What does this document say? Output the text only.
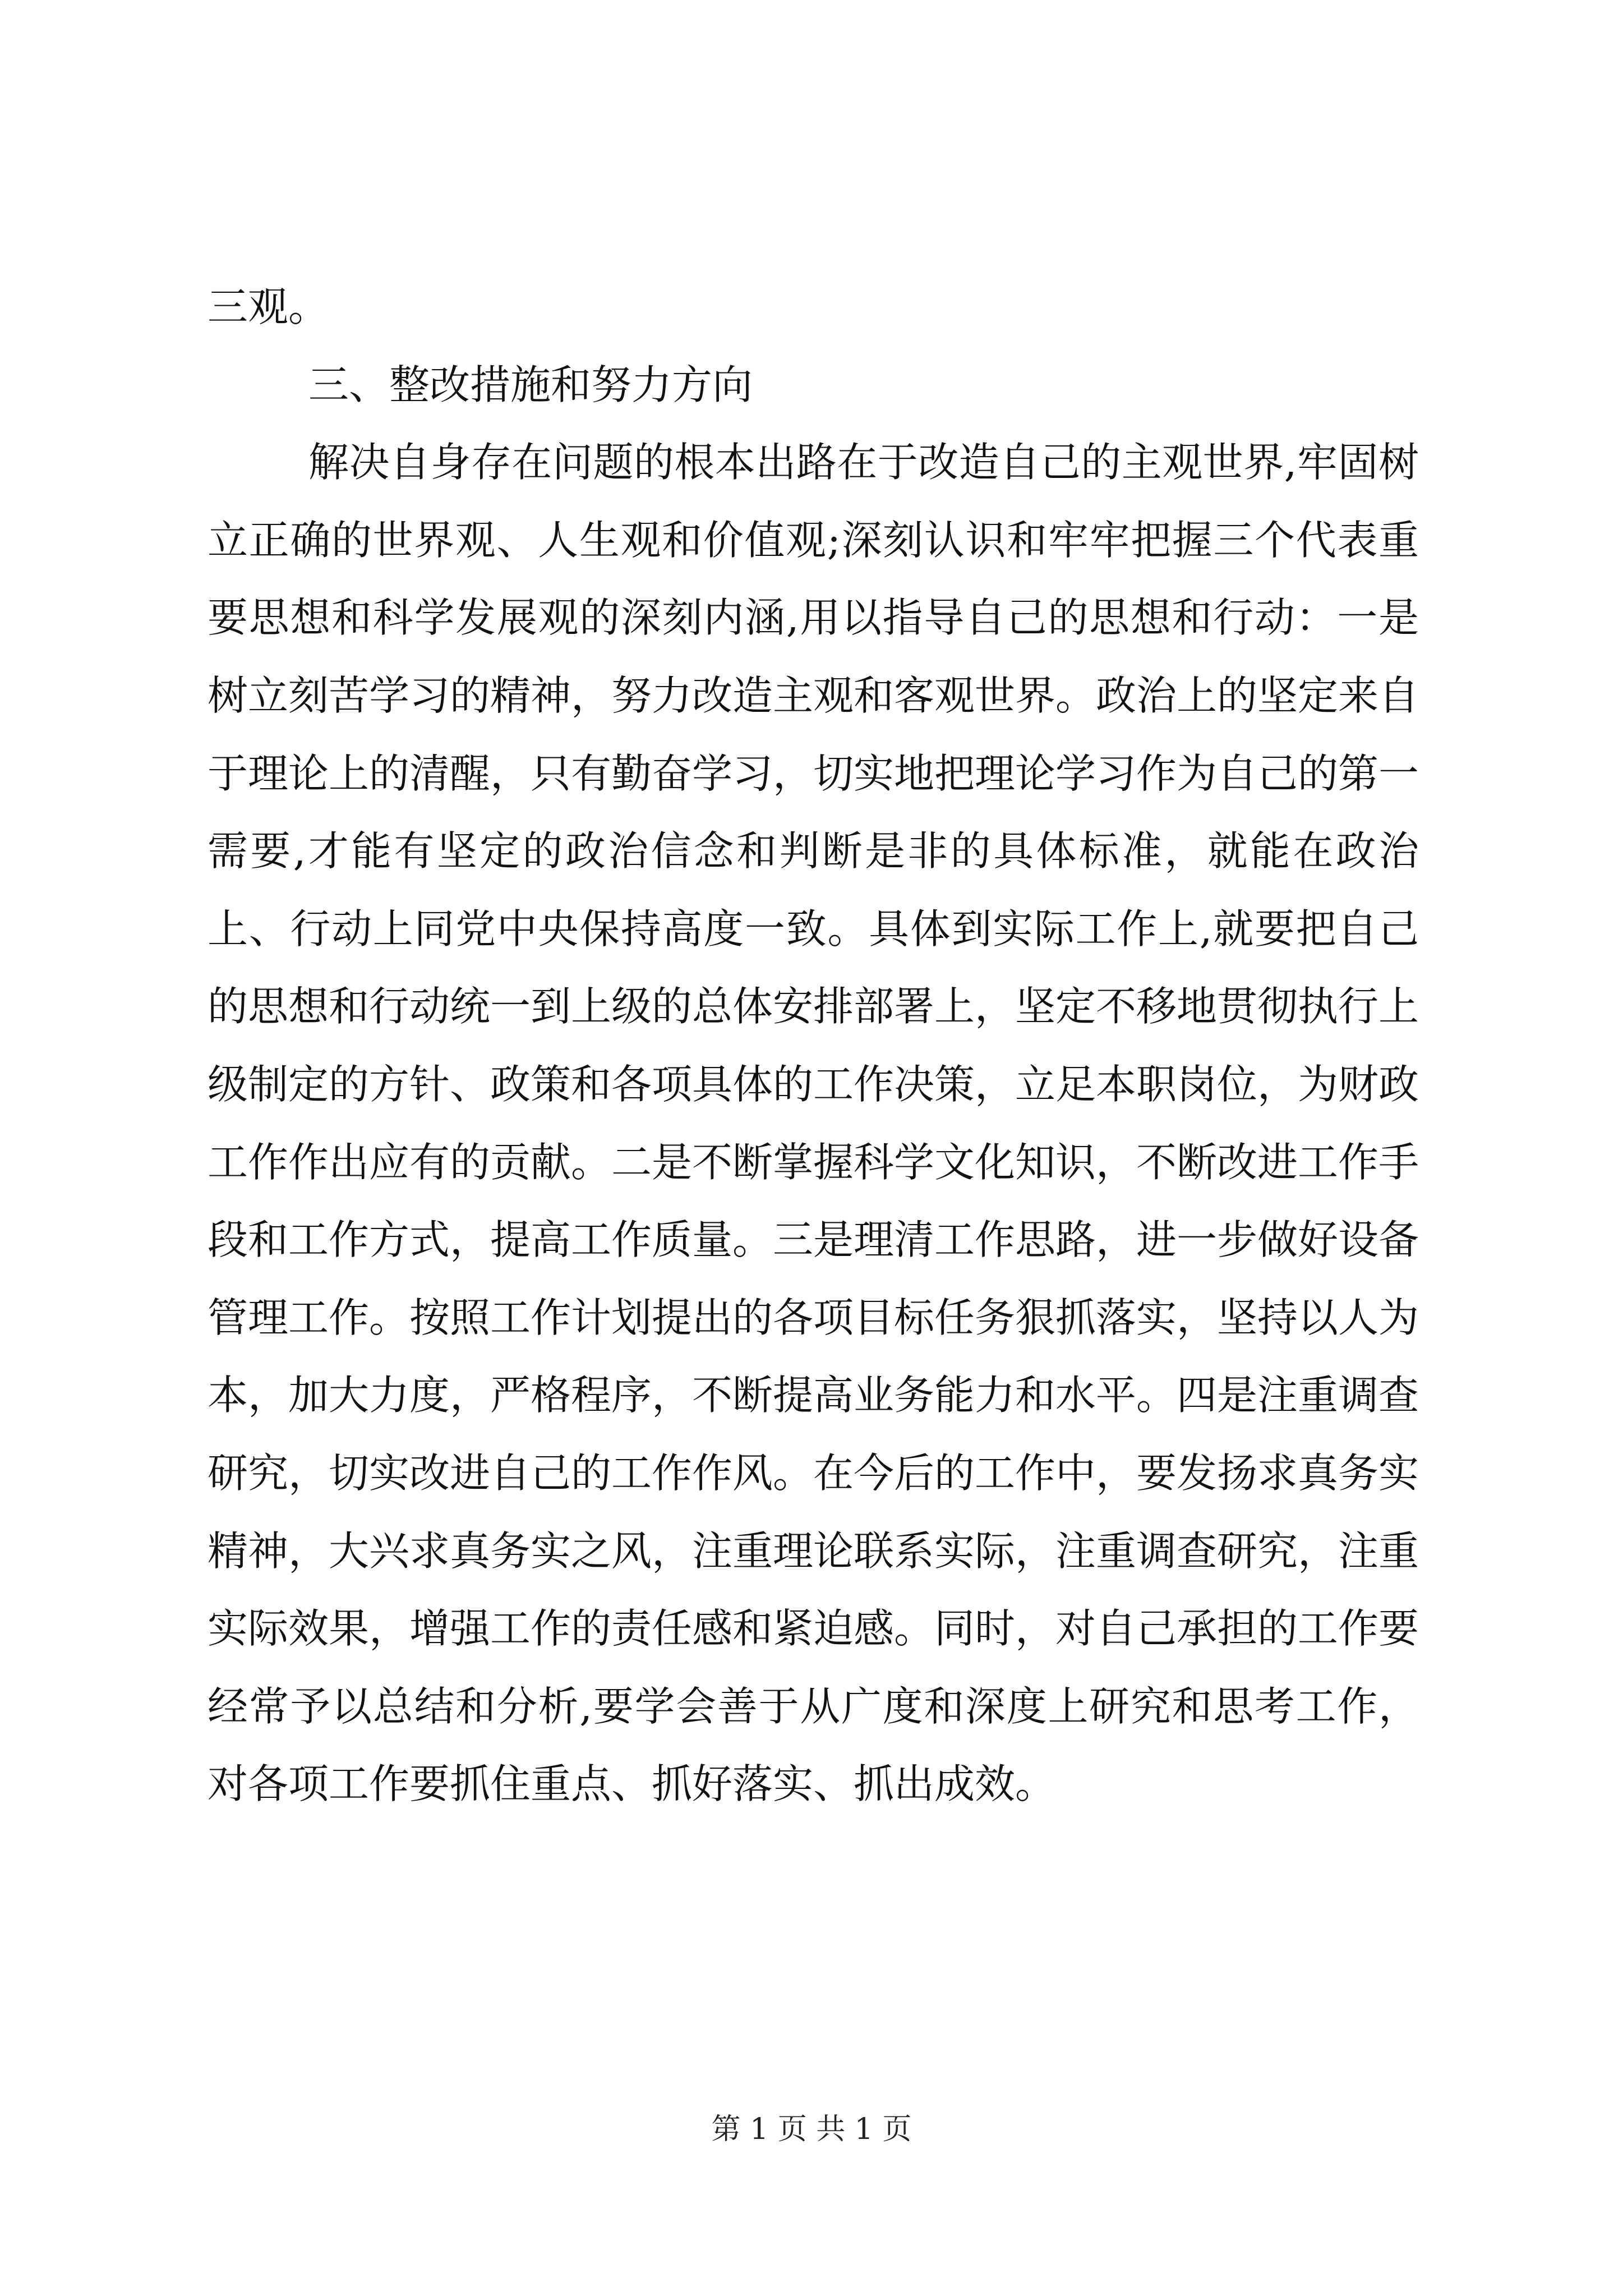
三观。

三、整改措施和努力方向

解决自身存在问题的根本出路在于改造自己的主观世界,牢固树立正确的世界观、人生观和价值观;深刻认识和牢牢把握三个代表重要思想和科学发展观的深刻内涵,用以指导自己的思想和行动：一是树立刻苦学习的精神，努力改造主观和客观世界。政治上的坚定来自于理论上的清醒，只有勤奋学习，切实地把理论学习作为自己的第一需要,才能有坚定的政治信念和判断是非的具体标准，就能在政治上、行动上同党中央保持高度一致。具体到实际工作上,就要把自己的思想和行动统一到上级的总体安排部署上，坚定不移地贯彻执行上级制定的方针、政策和各项具体的工作决策，立足本职岗位，为财政工作作出应有的贡献。二是不断掌握科学文化知识，不断改进工作手段和工作方式，提高工作质量。三是理清工作思路，进一步做好设备管理工作。按照工作计划提出的各项目标任务狠抓落实，坚持以人为本，加大力度，严格程序，不断提高业务能力和水平。四是注重调查研究，切实改进自己的工作作风。在今后的工作中，要发扬求真务实精神，大兴求真务实之风，注重理论联系实际，注重调查研究，注重实际效果，增强工作的责任感和紧迫感。同时，对自己承担的工作要经常予以总结和分析,要学会善于从广度和深度上研究和思考工作，对各项工作要抓住重点、抓好落实、抓出成效。

第 1 页 共 1 页
